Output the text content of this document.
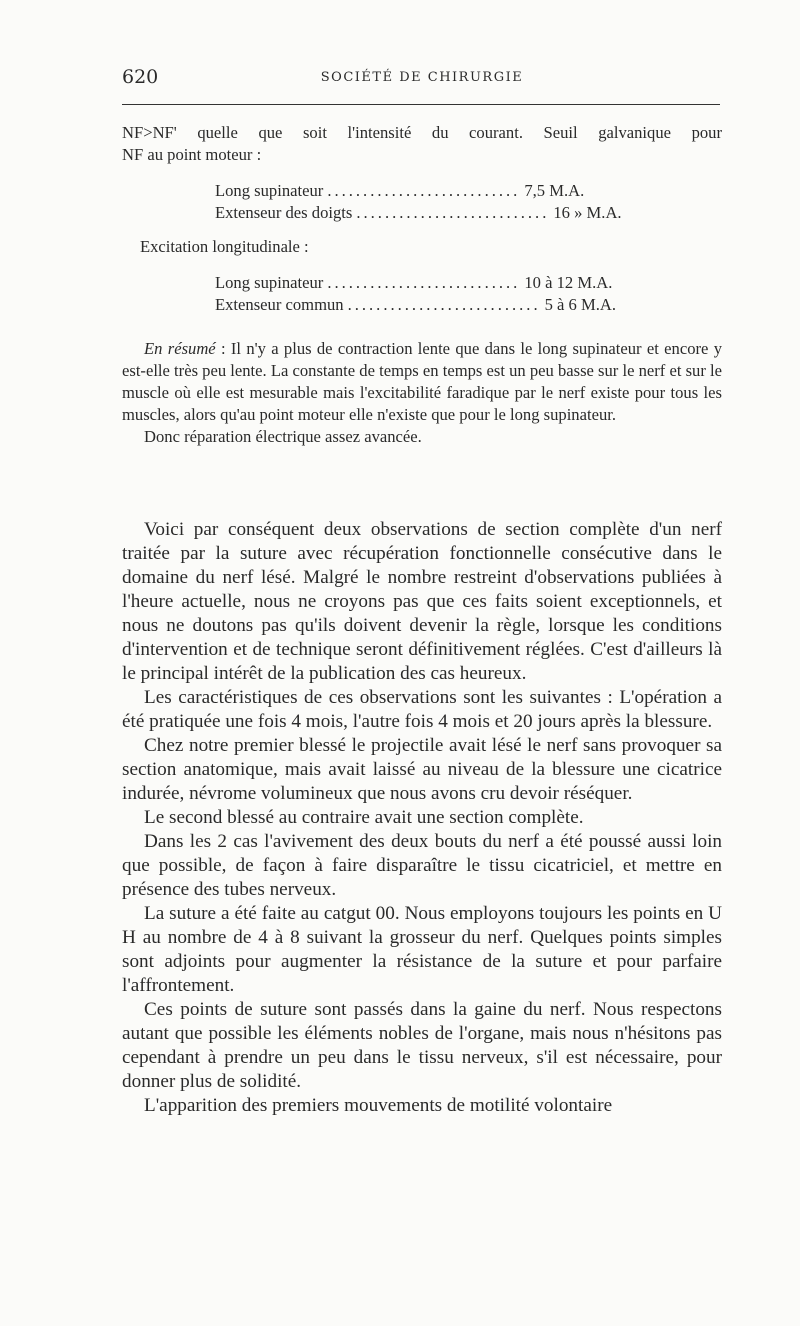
620	SOCIÉTÉ DE CHIRURGIE
NF>NF' quelle que soit l'intensité du courant. Seuil galvanique pour
NF au point moteur :
Long supinateur ........................... 7,5 M.A.
Extenseur des doigts ........................... 16 » M.A.
Excitation longitudinale :
Long supinateur ........................... 10 à 12 M.A.
Extenseur commun ........................... 5 à 6 M.A.

En résumé : Il n'y a plus de contraction lente que dans le long supinateur et encore y est-elle très peu lente. La constante de temps en temps est un peu basse sur le nerf et sur le muscle où elle est mesurable mais l'excitabilité faradique par le nerf existe pour tous les muscles, alors qu'au point moteur elle n'existe que pour le long supinateur.

Donc réparation électrique assez avancée.

Voici par conséquent deux observations de section complète d'un nerf traitée par la suture avec récupération fonctionnelle consécutive dans le domaine du nerf lésé. Malgré le nombre restreint d'observations publiées à l'heure actuelle, nous ne croyons pas que ces faits soient exceptionnels, et nous ne doutons pas qu'ils doivent devenir la règle, lorsque les conditions d'intervention et de technique seront définitivement réglées. C'est d'ailleurs là le principal intérêt de la publication des cas heureux.

Les caractéristiques de ces observations sont les suivantes : L'opération a été pratiquée une fois 4 mois, l'autre fois 4 mois et 20 jours après la blessure.

Chez notre premier blessé le projectile avait lésé le nerf sans provoquer sa section anatomique, mais avait laissé au niveau de la blessure une cicatrice indurée, névrome volumineux que nous avons cru devoir réséquer.

Le second blessé au contraire avait une section complète.

Dans les 2 cas l'avivement des deux bouts du nerf a été poussé aussi loin que possible, de façon à faire disparaître le tissu cicatriciel, et mettre en présence des tubes nerveux.

La suture a été faite au catgut 00. Nous employons toujours les points en U H au nombre de 4 à 8 suivant la grosseur du nerf. Quelques points simples sont adjoints pour augmenter la résistance de la suture et pour parfaire l'affrontement.

Ces points de suture sont passés dans la gaine du nerf. Nous respectons autant que possible les éléments nobles de l'organe, mais nous n'hésitons pas cependant à prendre un peu dans le tissu nerveux, s'il est nécessaire, pour donner plus de solidité.

L'apparition des premiers mouvements de motilité volontaire
